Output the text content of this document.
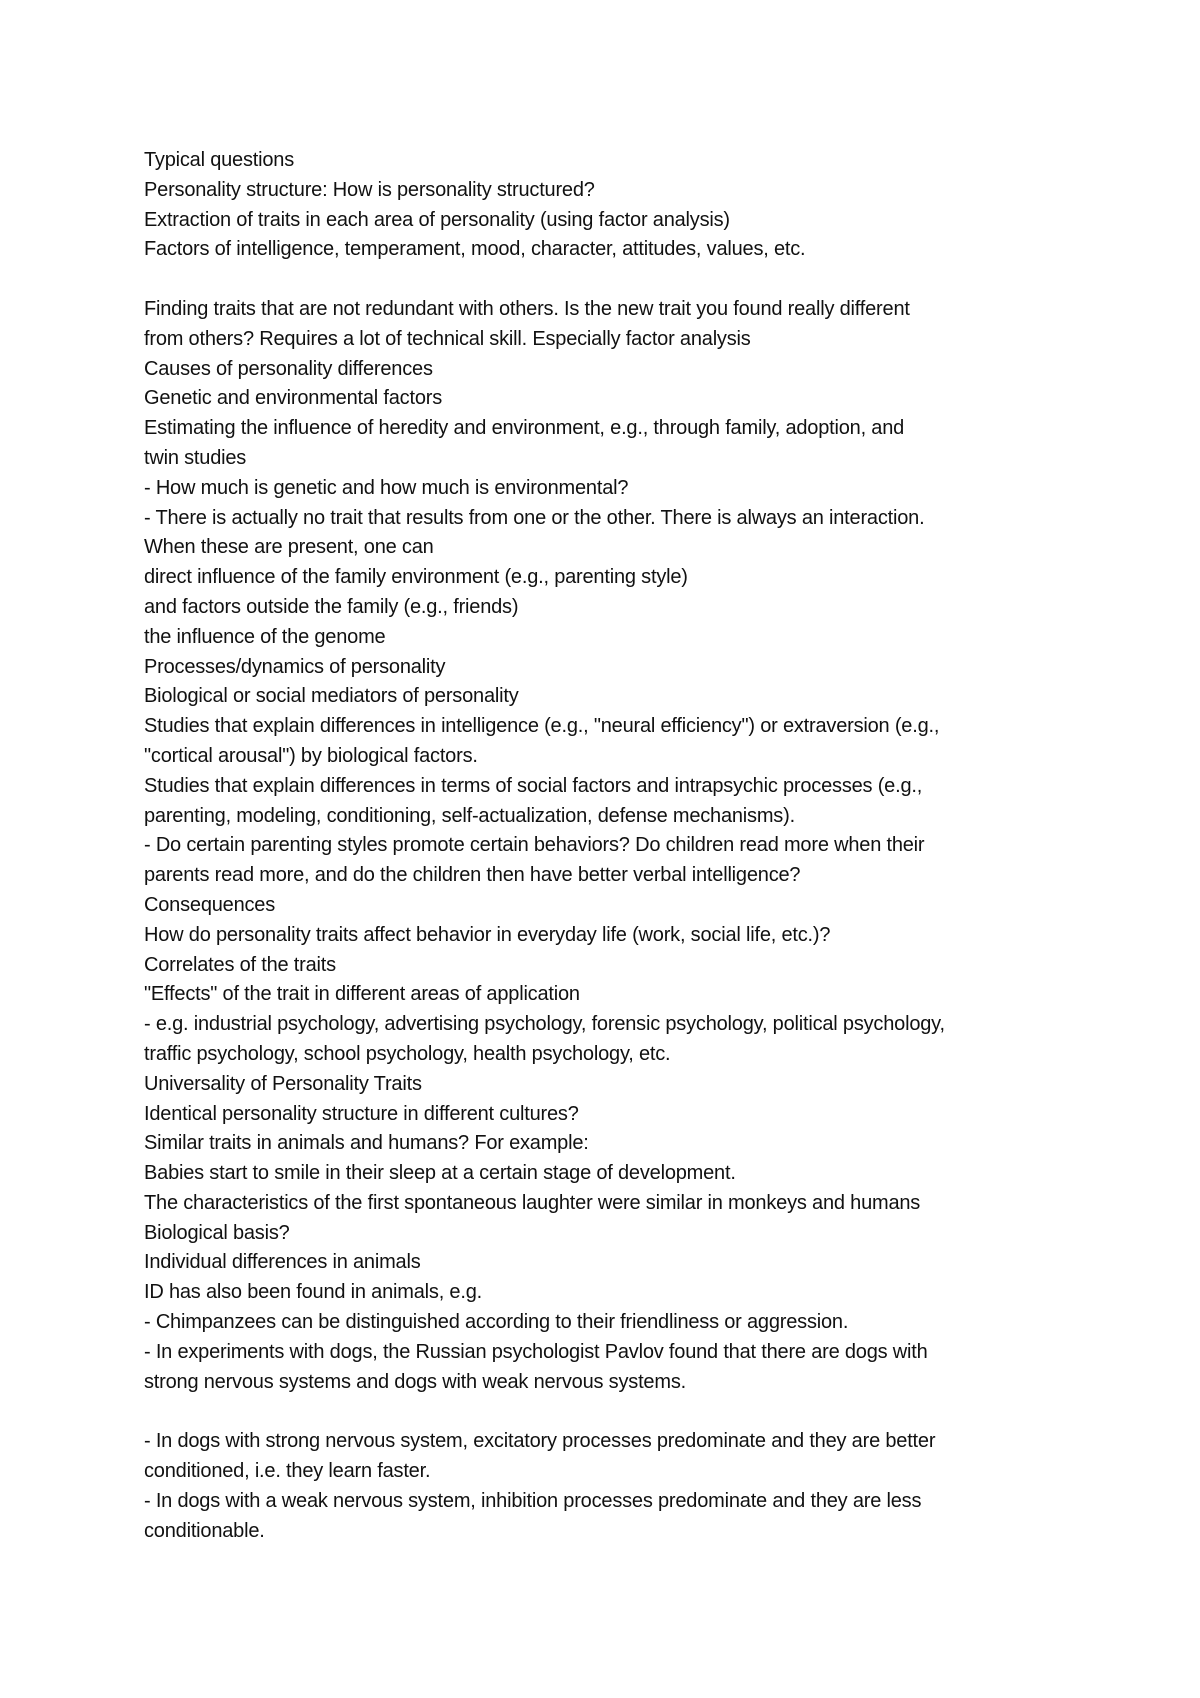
Typical questions
Personality structure: How is personality structured?
Extraction of traits in each area of personality (using factor analysis)
Factors of intelligence, temperament, mood, character, attitudes, values, etc.
Finding traits that are not redundant with others. Is the new trait you found really different
from others? Requires a lot of technical skill. Especially factor analysis
Causes of personality differences
Genetic and environmental factors
Estimating the influence of heredity and environment, e.g., through family, adoption, and
twin studies
- How much is genetic and how much is environmental?
- There is actually no trait that results from one or the other. There is always an interaction.
When these are present, one can
direct influence of the family environment (e.g., parenting style)
and factors outside the family (e.g., friends)
the influence of the genome
Processes/dynamics of personality
Biological or social mediators of personality
Studies that explain differences in intelligence (e.g., "neural efficiency") or extraversion (e.g.,
"cortical arousal") by biological factors.
Studies that explain differences in terms of social factors and intrapsychic processes (e.g.,
parenting, modeling, conditioning, self-actualization, defense mechanisms).
- Do certain parenting styles promote certain behaviors? Do children read more when their
parents read more, and do the children then have better verbal intelligence?
Consequences
How do personality traits affect behavior in everyday life (work, social life, etc.)?
Correlates of the traits
"Effects" of the trait in different areas of application
- e.g. industrial psychology, advertising psychology, forensic psychology, political psychology,
traffic psychology, school psychology, health psychology, etc.
Universality of Personality Traits
Identical personality structure in different cultures?
Similar traits in animals and humans? For example:
Babies start to smile in their sleep at a certain stage of development.
The characteristics of the first spontaneous laughter were similar in monkeys and humans
Biological basis?
Individual differences in animals
ID has also been found in animals, e.g.
- Chimpanzees can be distinguished according to their friendliness or aggression.
- In experiments with dogs, the Russian psychologist Pavlov found that there are dogs with
strong nervous systems and dogs with weak nervous systems.
- In dogs with strong nervous system, excitatory processes predominate and they are better
conditioned, i.e. they learn faster.
- In dogs with a weak nervous system, inhibition processes predominate and they are less
conditionable.
